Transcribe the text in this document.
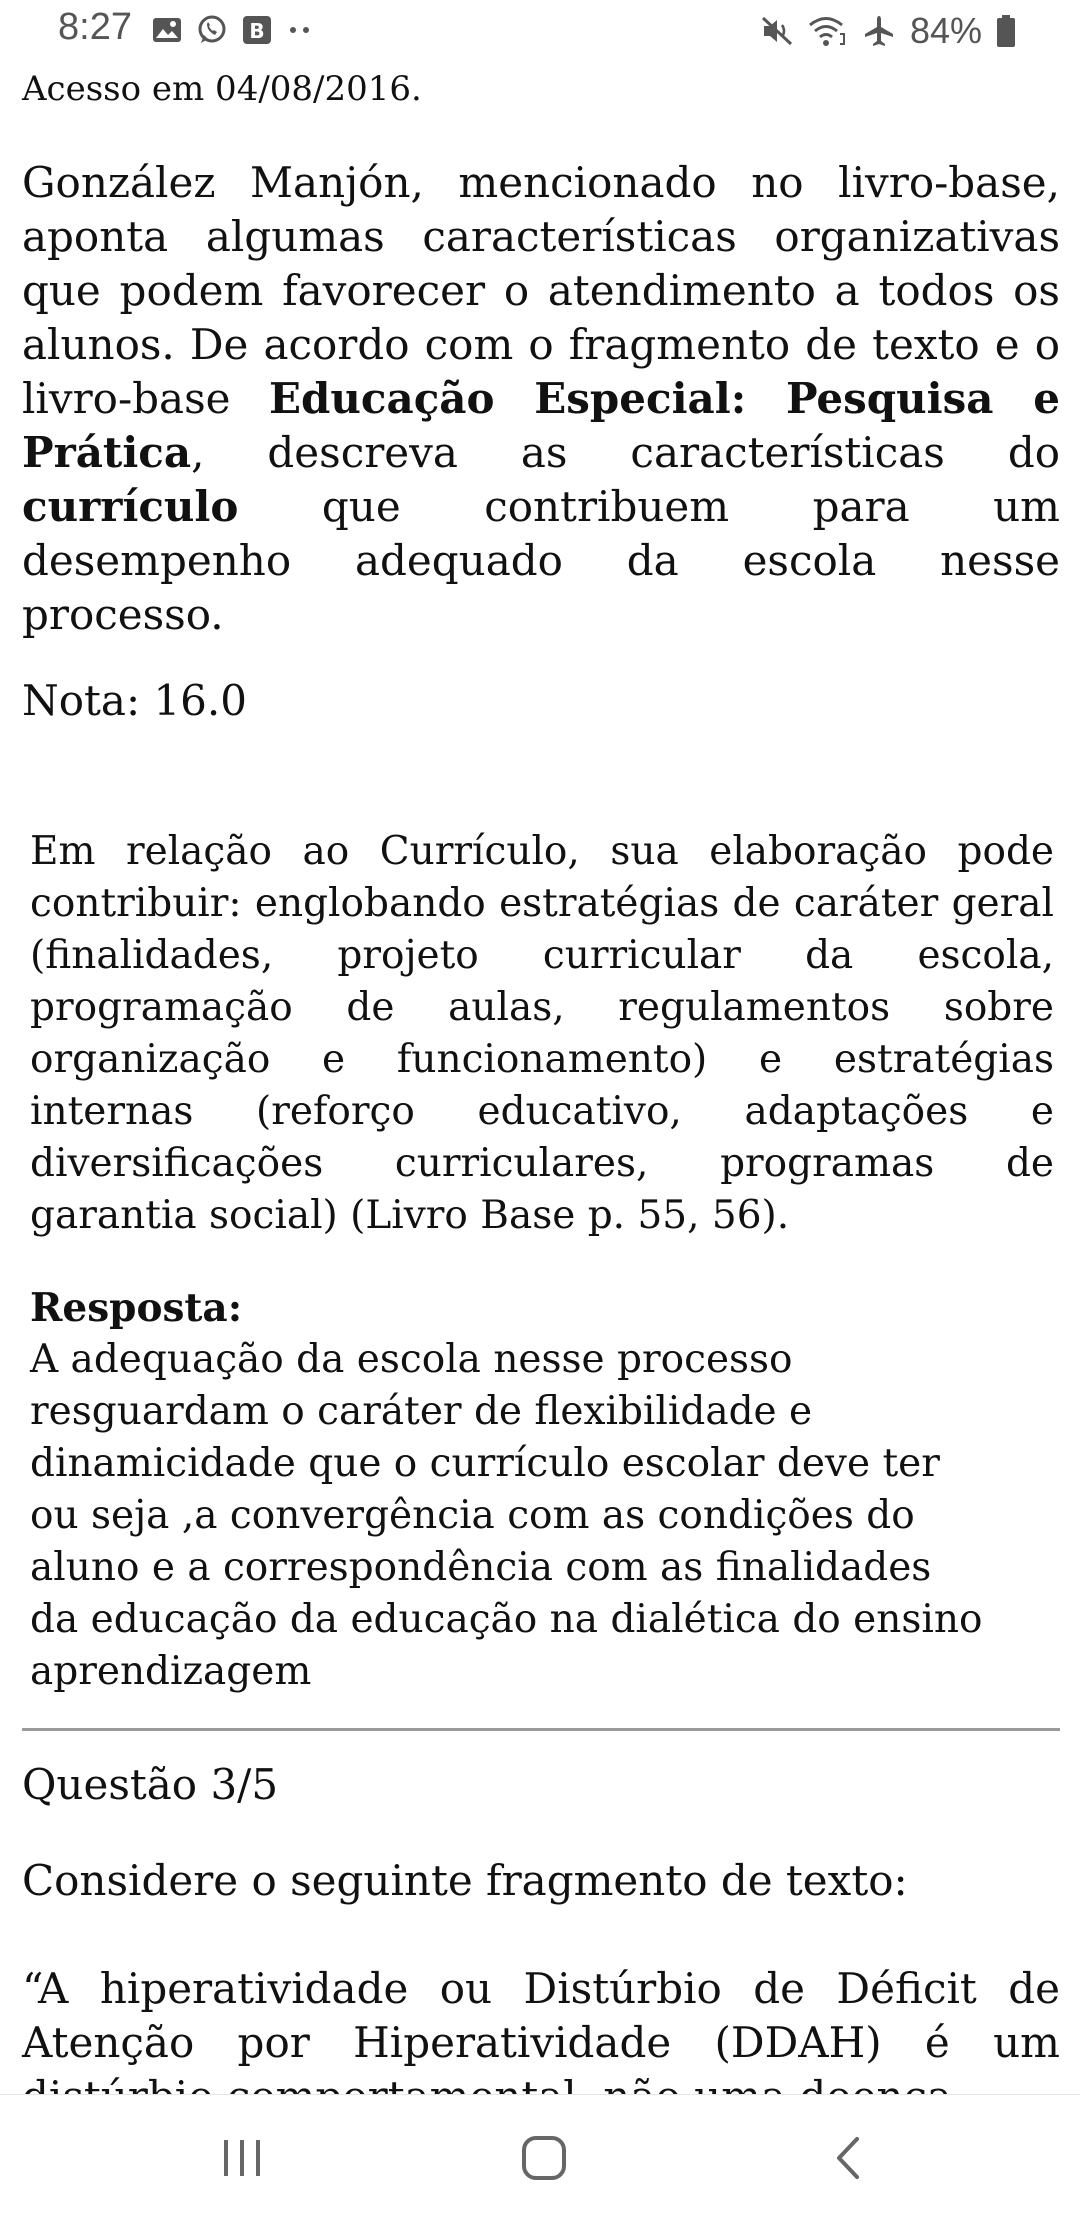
8:27	B	84%
Acesso em 04/08/2016.

González Manjón, mencionado no livro-base, aponta algumas características organizativas que podem favorecer o atendimento a todos os alunos. De acordo com o fragmento de texto e o livro-base Educação Especial: Pesquisa e Prática, descreva as características do currículo que contribuem para um desempenho adequado da escola nesse processo.

Nota: 16.0

Em relação ao Currículo, sua elaboração pode contribuir: englobando estratégias de caráter geral (finalidades, projeto curricular da escola, programação de aulas, regulamentos sobre organização e funcionamento) e estratégias internas (reforço educativo, adaptações e diversificações curriculares, programas de garantia social) (Livro Base p. 55, 56).

Resposta:
A adequação da escola nesse processo
resguardam o caráter de flexibilidade e
dinamicidade que o currículo escolar deve ter
ou seja ,a convergência com as condições do
aluno e a correspondência com as finalidades
da educação da educação na dialética do ensino
aprendizagem
Questão 3/5
Considere o seguinte fragmento de texto:

“A hiperatividade ou Distúrbio de Déficit de Atenção por Hiperatividade (DDAH) é um
